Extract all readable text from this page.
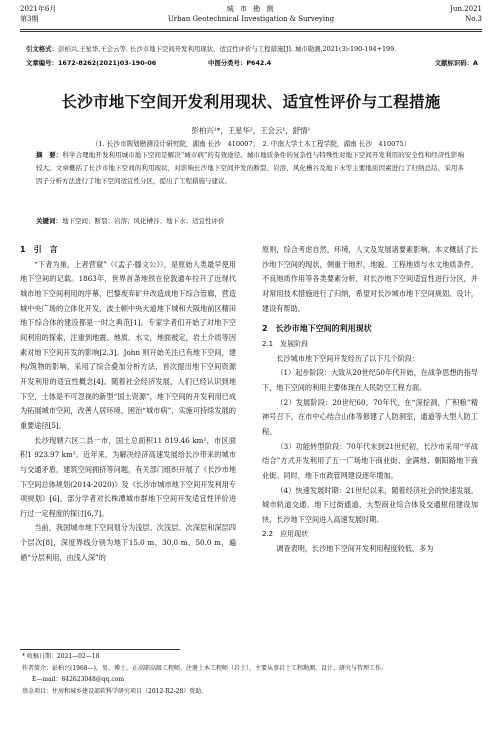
2021年6月
第3期
城 市 勘 测
Urban Geotechnical Investigation & Surveying
Jun.2021
No.3
引文格式：彭柏兴,王星华,王会云等. 长沙市地下空间开发利用现状、适宜性评价与工程措施[J]. 城市勘测,2021(3):190-194+199.
文章编号：1672-8262(2021)03-190-06	中图分类号：P642.4	文献标识码：A
长沙市地下空间开发利用现状、适宜性评价与工程措施
彭柏兴¹*，王星华²，王会云¹，舒情¹
（1. 长沙市规划勘测设计研究院，湖南 长沙　410007；　2. 中南大学土木工程学院，湖南 长沙　410075）
摘　要：科学合理地开发利用城市地下空间是解决“城市病”的有效途径。城市地质条件的复杂性与特殊性对地下空间开发利用的安全性和经济性影响较大。文章概括了长沙市地下空间的利用现状，对影响长沙地下空间开发的断裂、岩溶、风化槽谷及地下水等主要地质因素进行了归纳总结，采用多因子分析方法进行了地下空间适宜性分区，提出了工程措施与建议。
关键词：地下空间；断裂；岩溶；风化槽谷；地下水；适宜性评价
1　引　言

“下者为巢，上者营窟”（《孟子·滕文公》），是原始人类最早使用地下空间的记载。1863年，世界首条地铁在伦敦通车拉开了近现代城市地下空间利用的序幕，巴黎废弃矿井改造成地下综合管廊，营造城中央广场的立体化开发，波士顿中央大道地下城和大阪地前区精田地下综合体的建设都是一时之典范[1]。专家学者们开始了对地下空间利用的探索，注重到地震、地质、水文，地面被定，岩土介质等因素对地下空间开发的影响[2,3]。John 则开始关注已有地下空间，建构/筑物的影响，采用了综合叠加分析方法，首次提出地下空间资源开发利用的适宜性概念[4]。随着社会经济发展，人们已经认识到地下空，土体是不可忽视的新型“国土资源”，地下空间的开发利用已成为拓展城市空间，改善人居环境，困治“城市病”，实施可持续发展的重要途径[5]。

长沙现辖六区二县一市，国土总面积11 819.46 km²，市区面积1 923.97 km²。近年来，为解决经济高速发展给长沙带来的城市与交通矛盾，建筑空间拥挤等问题，有关部门组织开展了《长沙市地下空间总体规划(2014-2020)》及《长沙市城市地下空间开发利用专项规划》[6]，部分学者对长株潭城市群地下空间开发适宜性评价进行过一定程度的探讨[6,7]。

当前，我国城市地下空间划分为浅层、次浅层、次深层和深层四个层次[8]，深度界线分别为地下15.0 m、30.0 m、50.0 m，遍循“分层利用，由浅入深”的

原则，综合考虑自然，环境，人文及发展诸要素影响。本文概括了长沙地下空间的现状，侧重于地形，地貌、工程地质与水文地质条件，不良地质作用等各类要素分析，对长沙地下空间适宜性进行分区，并对常用技术措施进行了归纳，希望对长沙城市地下空间规划、设计，建设有帮助。

2　长沙市地下空间的利用现状
2.1　发展阶段

长沙城市地下空间开发经历了以下几个阶段：

（1）起步阶段：大致从20世纪50年代开始，在战争思想的指导下，地下空间的利用主要体现在人民防空工程方面。

（2）发展阶段：20世纪60、70年代，在“深挖洞，广积粮”精神号召下，在市中心结合山体等修建了人防洞室，通道等大型人防工程。

（3）功能转型阶段：70年代末到21世纪初，长沙市采用“平战结合”方式开发利用了五一广场地下商业街、金满地、朝阳路地下商业街。同时，地下市政管网建设逐年增加。

（4）快速发展时期：21世纪以来，随着经济社会的快速发展，城市轨道交通、地下过街通道、大型商业综合体及交通枢纽建设加快，长沙地下空间进入高速发展时期。

2.2　应用现状

调查表明，长沙地下空间开发利用程度较低，多为

* 收稿日期：2021—02—18

作者简介：彭柏兴(1968—)，男，博士，正高职高级工程师，注册土木工程师（岩土），主要从事岩土工程勘测、设计、研究与管理工作。

E—mail：842623048@qq.com

基金项目：住房和城乡建设部软科学研究项目（2012-R2-28）资助。
